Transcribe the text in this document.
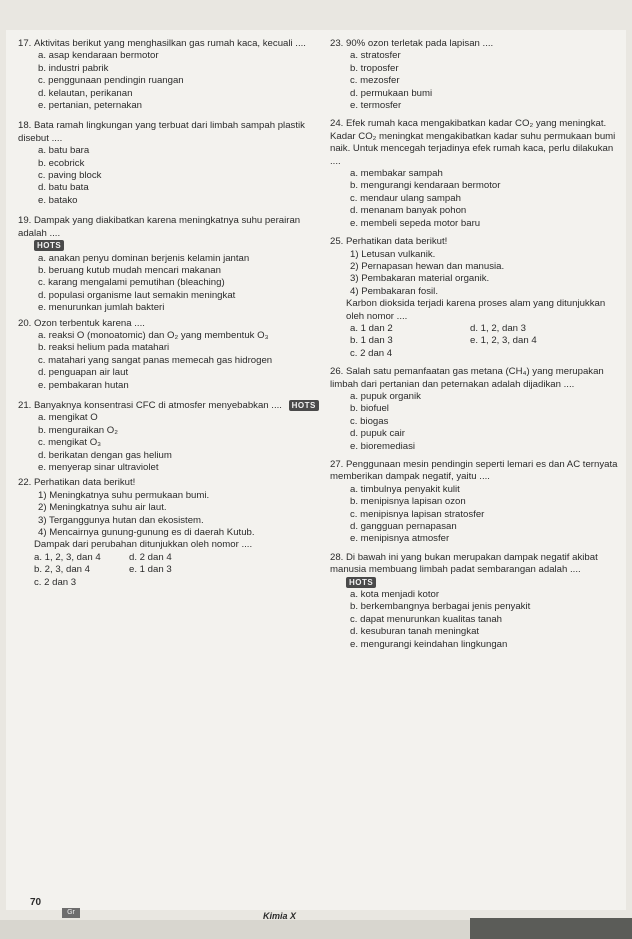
17. Aktivitas berikut yang menghasilkan gas rumah kaca, kecuali ....
a. asap kendaraan bermotor
b. industri pabrik
c. penggunaan pendingin ruangan
d. kelautan, perikanan
e. pertanian, peternakan
18. Bata ramah lingkungan yang terbuat dari limbah sampah plastik disebut ....
a. batu bara
b. ecobrick
c. paving block
d. batu bata
e. batako
19. Dampak yang diakibatkan karena meningkatnya suhu perairan adalah ....
HOTS
a. anakan penyu dominan berjenis kelamin jantan
b. beruang kutub mudah mencari makanan
c. karang mengalami pemutihan (bleaching)
d. populasi organisme laut semakin meningkat
e. menurunkan jumlah bakteri
20. Ozon terbentuk karena ....
a. reaksi O (monoatomic) dan O₂ yang membentuk O₃
b. reaksi helium pada matahari
c. matahari yang sangat panas memecah gas hidrogen
d. penguapan air laut
e. pembakaran hutan
21. Banyaknya konsentrasi CFC di atmosfer menyebabkan .... HOTS
a. mengikat O
b. menguraikan O₂
c. mengikat O₃
d. berikatan dengan gas helium
e. menyerap sinar ultraviolet
22. Perhatikan data berikut!
1) Meningkatnya suhu permukaan bumi.
2) Meningkatnya suhu air laut.
3) Terganggunya hutan dan ekosistem.
4) Mencairnya gunung-gunung es di daerah Kutub.
Dampak dari perubahan ditunjukkan oleh nomor ....
a. 1, 2, 3, dan 4	d. 2 dan 4
b. 2, 3, dan 4	e. 1 dan 3
c. 2 dan 3
23. 90% ozon terletak pada lapisan ....
a. stratosfer
b. troposfer
c. mezosfer
d. permukaan bumi
e. termosfer
24. Efek rumah kaca mengakibatkan kadar CO₂ yang meningkat. Kadar CO₂ meningkat mengakibatkan kadar suhu permukaan bumi naik. Untuk mencegah terjadinya efek rumah kaca, perlu dilakukan ....
a. membakar sampah
b. mengurangi kendaraan bermotor
c. mendaur ulang sampah
d. menanam banyak pohon
e. membeli sepeda motor baru
25. Perhatikan data berikut!
1) Letusan vulkanik.
2) Pernapasan hewan dan manusia.
3) Pembakaran material organik.
4) Pembakaran fosil.
Karbon dioksida terjadi karena proses alam yang ditunjukkan oleh nomor ....
a. 1 dan 2	d. 1, 2, dan 3
b. 1 dan 3	e. 1, 2, 3, dan 4
c. 2 dan 4
26. Salah satu pemanfaatan gas metana (CH₄) yang merupakan limbah dari pertanian dan peternakan adalah dijadikan ....
a. pupuk organik
b. biofuel
c. biogas
d. pupuk cair
e. bioremediasi
27. Penggunaan mesin pendingin seperti lemari es dan AC ternyata memberikan dampak negatif, yaitu ....
a. timbulnya penyakit kulit
b. menipisnya lapisan ozon
c. menipisnya lapisan stratosfer
d. gangguan pernapasan
e. menipisnya atmosfer
28. Di bawah ini yang bukan merupakan dampak negatif akibat manusia membuang limbah padat sembarangan adalah ....
HOTS
a. kota menjadi kotor
b. berkembangnya berbagai jenis penyakit
c. dapat menurunkan kualitas tanah
d. kesuburan tanah meningkat
e. mengurangi keindahan lingkungan
70
Gr	Kimia X
